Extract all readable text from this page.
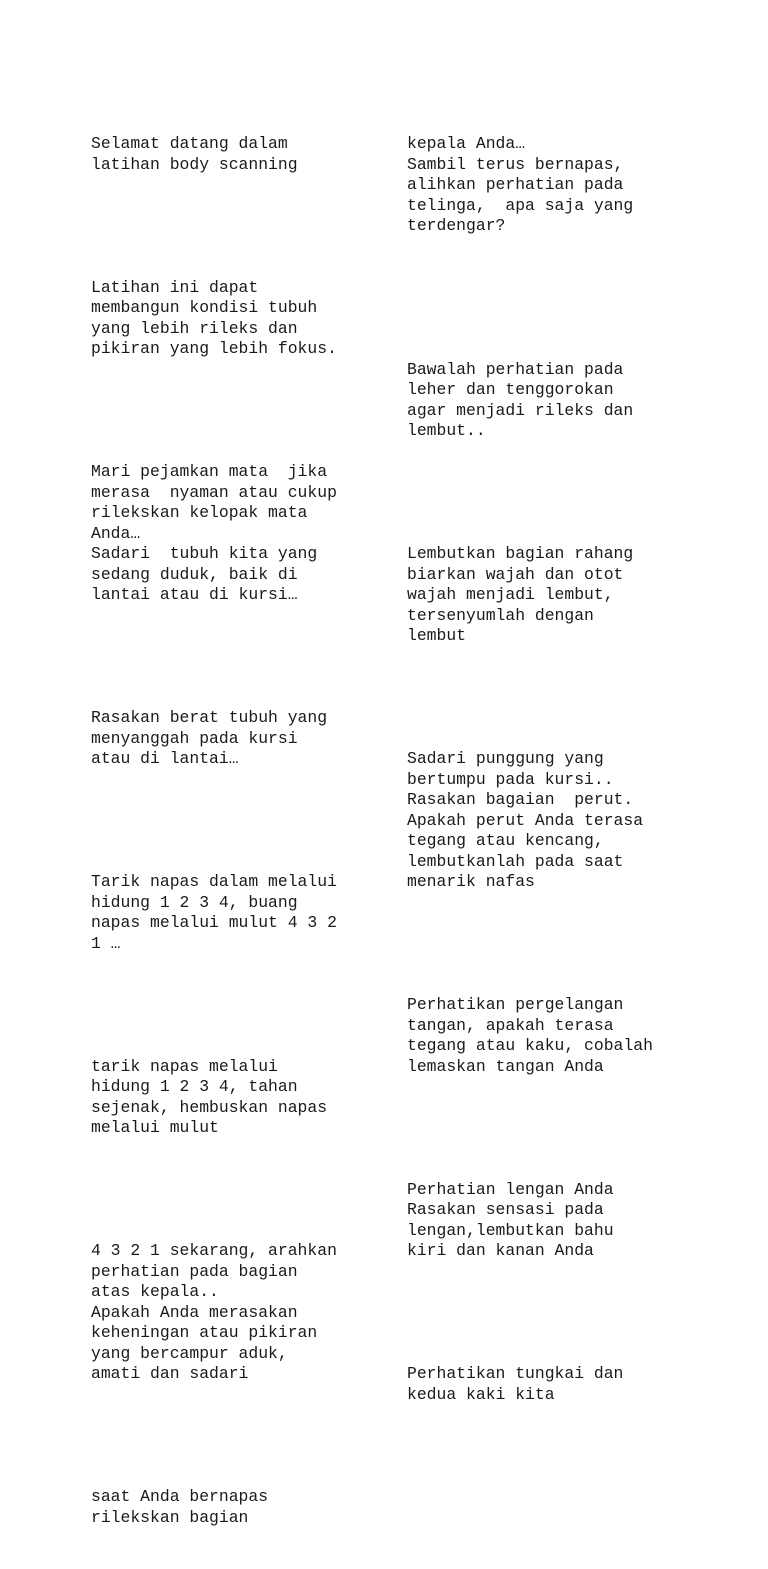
Selamat datang dalam
latihan body scanning

Latihan ini dapat
membangun kondisi tubuh
yang lebih rileks dan
pikiran yang lebih fokus.

Mari pejamkan mata  jika
merasa  nyaman atau cukup
rilekskan kelopak mata
Anda…
Sadari  tubuh kita yang
sedang duduk, baik di
lantai atau di kursi…

Rasakan berat tubuh yang
menyanggah pada kursi
atau di lantai…

Tarik napas dalam melalui
hidung 1 2 3 4, buang
napas melalui mulut 4 3 2
1 …

tarik napas melalui
hidung 1 2 3 4, tahan
sejenak, hembuskan napas
melalui mulut

4 3 2 1 sekarang, arahkan
perhatian pada bagian
atas kepala..
Apakah Anda merasakan
keheningan atau pikiran
yang bercampur aduk,
amati dan sadari

saat Anda bernapas
rilekskan bagian

kepala Anda…
Sambil terus bernapas,
alihkan perhatian pada
telinga,  apa saja yang
terdengar?

Bawalah perhatian pada
leher dan tenggorokan
agar menjadi rileks dan
lembut..

Lembutkan bagian rahang
biarkan wajah dan otot
wajah menjadi lembut,
tersenyumlah dengan
lembut

Sadari punggung yang
bertumpu pada kursi..
Rasakan bagaian  perut.
Apakah perut Anda terasa
tegang atau kencang,
lembutkanlah pada saat
menarik nafas

Perhatikan pergelangan
tangan, apakah terasa
tegang atau kaku, cobalah
lemaskan tangan Anda

Perhatian lengan Anda
Rasakan sensasi pada
lengan,lembutkan bahu
kiri dan kanan Anda

Perhatikan tungkai dan
kedua kaki kita
